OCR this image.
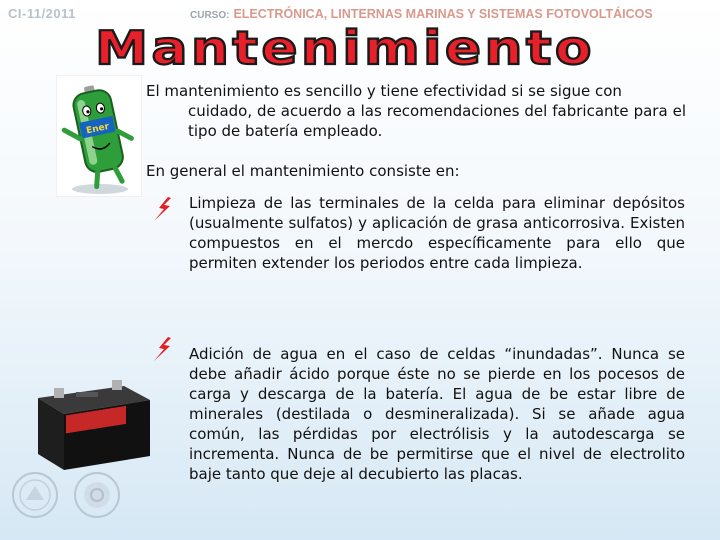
CI-11/2011	CURSO: ELECTRÓNICA, LINTERNAS MARINAS Y SISTEMAS FOTOVOLTÁICOS
Mantenimiento
Ener
El mantenimiento es sencillo y tiene efectividad si se sigue con
cuidado, de acuerdo a las recomendaciones del fabricante para el tipo de batería empleado.
En general el mantenimiento consiste en:
Limpieza de las terminales de la celda para eliminar depósitos (usualmente sulfatos) y aplicación de grasa anticorrosiva. Existen compuestos en el mercdo específicamente para ello que permiten extender los periodos entre cada limpieza.
Adición de agua en el caso de celdas “inundadas”. Nunca se debe añadir ácido porque éste no se pierde en los pocesos de carga y descarga de la batería. El agua de be estar libre de minerales (destilada o desmineralizada). Si se añade agua común, las pérdidas por electrólisis y la autodescarga se incrementa. Nunca de be permitirse que el nivel de electrolito baje tanto que deje al decubierto las placas.
